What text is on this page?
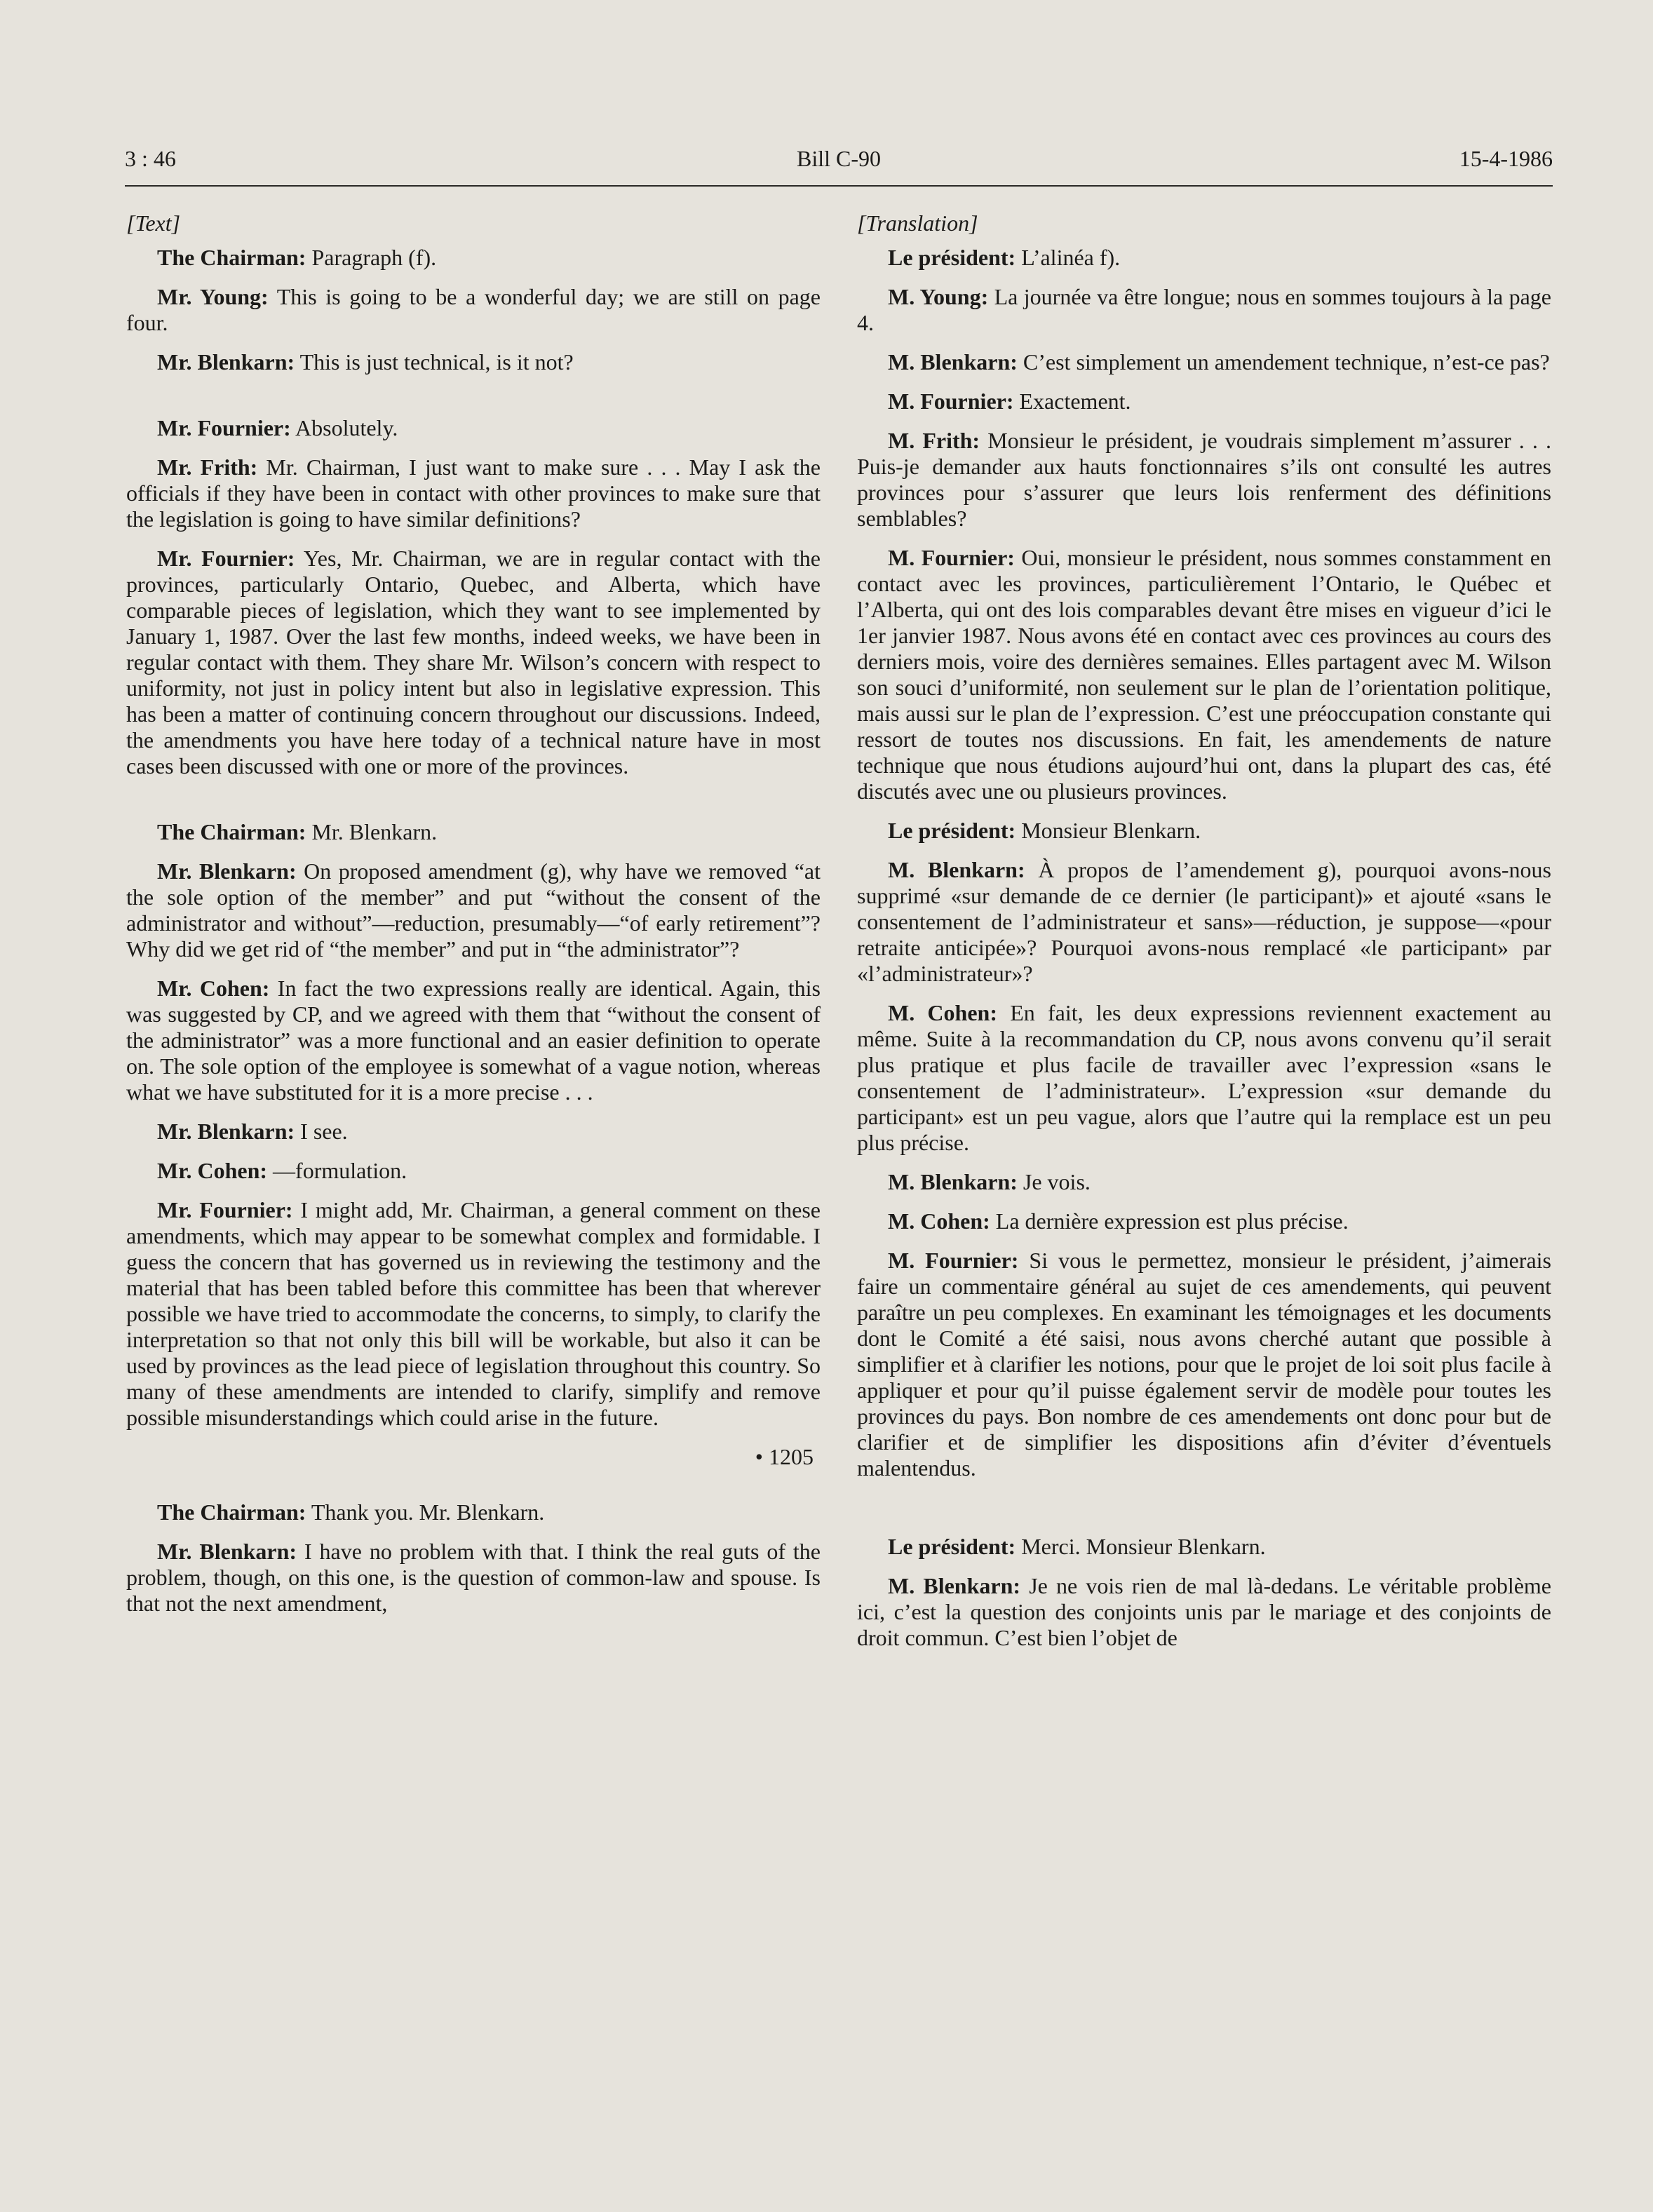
3 : 46	Bill C-90	15-4-1986
[Text]

The Chairman: Paragraph (f).

Mr. Young: This is going to be a wonderful day; we are still on page four.

Mr. Blenkarn: This is just technical, is it not?

Mr. Fournier: Absolutely.

Mr. Frith: Mr. Chairman, I just want to make sure . . . May I ask the officials if they have been in contact with other provinces to make sure that the legislation is going to have similar definitions?

Mr. Fournier: Yes, Mr. Chairman, we are in regular contact with the provinces, particularly Ontario, Quebec, and Alberta, which have comparable pieces of legislation, which they want to see implemented by January 1, 1987. Over the last few months, indeed weeks, we have been in regular contact with them. They share Mr. Wilson’s concern with respect to uniformity, not just in policy intent but also in legislative expression. This has been a matter of continuing concern throughout our discussions. Indeed, the amendments you have here today of a technical nature have in most cases been discussed with one or more of the provinces.

The Chairman: Mr. Blenkarn.

Mr. Blenkarn: On proposed amendment (g), why have we removed “at the sole option of the member” and put “without the consent of the administrator and without”—reduction, presumably—“of early retirement”? Why did we get rid of “the member” and put in “the administrator”?

Mr. Cohen: In fact the two expressions really are identical. Again, this was suggested by CP, and we agreed with them that “without the consent of the administrator” was a more functional and an easier definition to operate on. The sole option of the employee is somewhat of a vague notion, whereas what we have substituted for it is a more precise . . .

Mr. Blenkarn: I see.

Mr. Cohen: —formulation.

Mr. Fournier: I might add, Mr. Chairman, a general comment on these amendments, which may appear to be somewhat complex and formidable. I guess the concern that has governed us in reviewing the testimony and the material that has been tabled before this committee has been that wherever possible we have tried to accommodate the concerns, to simply, to clarify the interpretation so that not only this bill will be workable, but also it can be used by provinces as the lead piece of legislation throughout this country. So many of these amendments are intended to clarify, simplify and remove possible misunderstandings which could arise in the future.

• 1205

The Chairman: Thank you. Mr. Blenkarn.

Mr. Blenkarn: I have no problem with that. I think the real guts of the problem, though, on this one, is the question of common-law and spouse. Is that not the next amendment,

[Translation]

Le président: L’alinéa f).

M. Young: La journée va être longue; nous en sommes toujours à la page 4.

M. Blenkarn: C’est simplement un amendement technique, n’est-ce pas?

M. Fournier: Exactement.

M. Frith: Monsieur le président, je voudrais simplement m’assurer . . . Puis-je demander aux hauts fonctionnaires s’ils ont consulté les autres provinces pour s’assurer que leurs lois renferment des définitions semblables?

M. Fournier: Oui, monsieur le président, nous sommes constamment en contact avec les provinces, particulièrement l’Ontario, le Québec et l’Alberta, qui ont des lois comparables devant être mises en vigueur d’ici le 1er janvier 1987. Nous avons été en contact avec ces provinces au cours des derniers mois, voire des dernières semaines. Elles partagent avec M. Wilson son souci d’uniformité, non seulement sur le plan de l’orientation politique, mais aussi sur le plan de l’expression. C’est une préoccupation constante qui ressort de toutes nos discussions. En fait, les amendements de nature technique que nous étudions aujourd’hui ont, dans la plupart des cas, été discutés avec une ou plusieurs provinces.

Le président: Monsieur Blenkarn.

M. Blenkarn: À propos de l’amendement g), pourquoi avons-nous supprimé «sur demande de ce dernier (le participant)» et ajouté «sans le consentement de l’administrateur et sans»—réduction, je suppose—«pour retraite anticipée»? Pourquoi avons-nous remplacé «le participant» par «l’administrateur»?

M. Cohen: En fait, les deux expressions reviennent exactement au même. Suite à la recommandation du CP, nous avons convenu qu’il serait plus pratique et plus facile de travailler avec l’expression «sans le consentement de l’administrateur». L’expression «sur demande du participant» est un peu vague, alors que l’autre qui la remplace est un peu plus précise.

M. Blenkarn: Je vois.

M. Cohen: La dernière expression est plus précise.

M. Fournier: Si vous le permettez, monsieur le président, j’aimerais faire un commentaire général au sujet de ces amendements, qui peuvent paraître un peu complexes. En examinant les témoignages et les documents dont le Comité a été saisi, nous avons cherché autant que possible à simplifier et à clarifier les notions, pour que le projet de loi soit plus facile à appliquer et pour qu’il puisse également servir de modèle pour toutes les provinces du pays. Bon nombre de ces amendements ont donc pour but de clarifier et de simplifier les dispositions afin d’éviter d’éventuels malentendus.

Le président: Merci. Monsieur Blenkarn.

M. Blenkarn: Je ne vois rien de mal là-dedans. Le véritable problème ici, c’est la question des conjoints unis par le mariage et des conjoints de droit commun. C’est bien l’objet de
